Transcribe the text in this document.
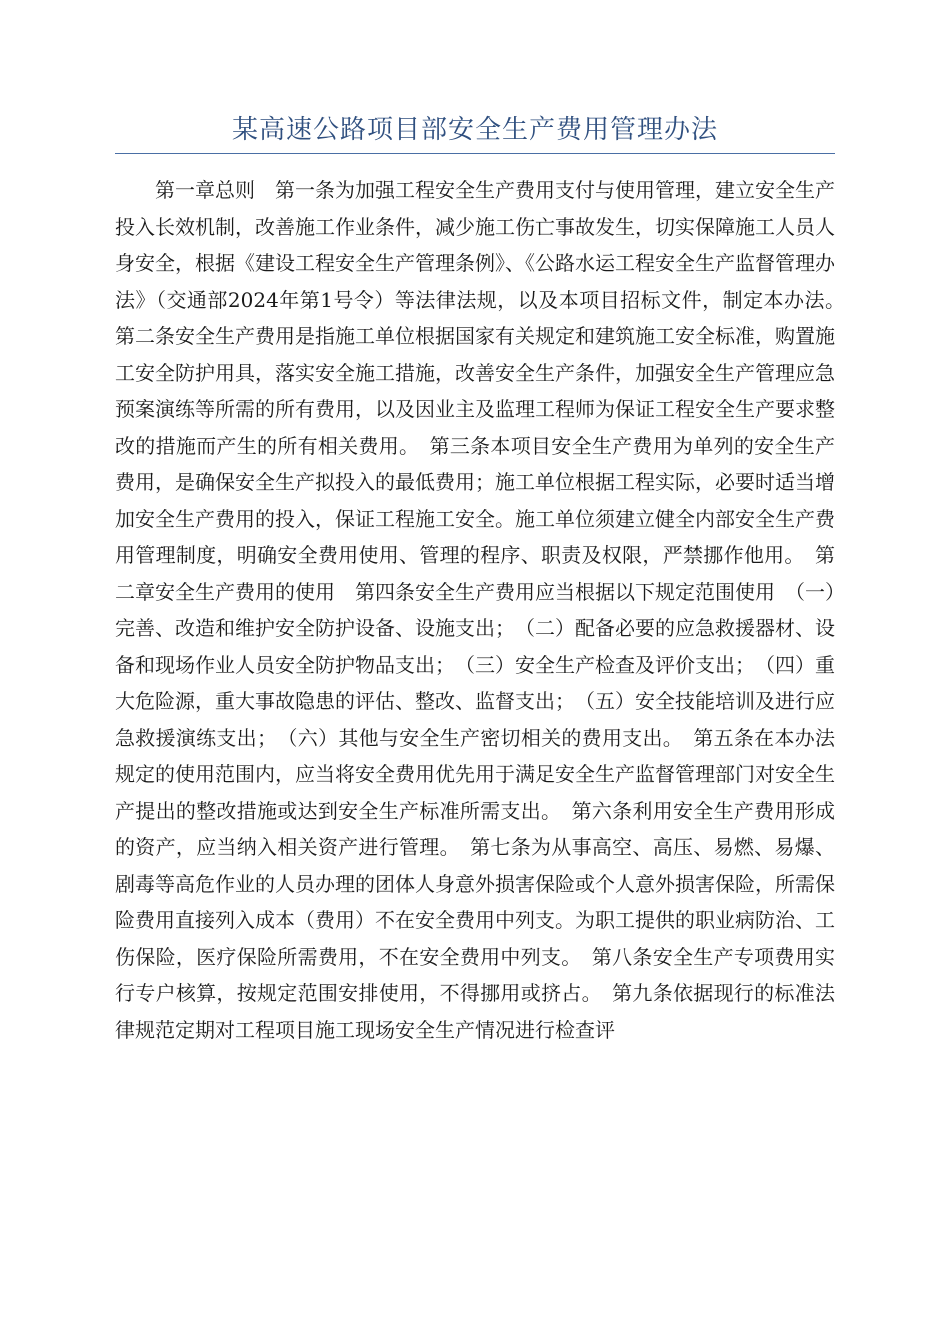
某高速公路项目部安全生产费用管理办法

第一章总则　第一条为加强工程安全生产费用支付与使用管理，建立安全生产投入长效机制，改善施工作业条件，减少施工伤亡事故发生，切实保障施工人员人身安全，根据《建设工程安全生产管理条例》、《公路水运工程安全生产监督管理办法》（交通部2024年第1号令）等法律法规，以及本项目招标文件，制定本办法。　第二条安全生产费用是指施工单位根据国家有关规定和建筑施工安全标准，购置施工安全防护用具，落实安全施工措施，改善安全生产条件，加强安全生产管理应急预案演练等所需的所有费用，以及因业主及监理工程师为保证工程安全生产要求整改的措施而产生的所有相关费用。　第三条本项目安全生产费用为单列的安全生产费用，是确保安全生产拟投入的最低费用；施工单位根据工程实际，必要时适当增加安全生产费用的投入，保证工程施工安全。施工单位须建立健全内部安全生产费用管理制度，明确安全费用使用、管理的程序、职责及权限，严禁挪作他用。　第二章安全生产费用的使用　第四条安全生产费用应当根据以下规定范围使用　（一）完善、改造和维护安全防护设备、设施支出；　（二）配备必要的应急救援器材、设备和现场作业人员安全防护物品支出；　（三）安全生产检查及评价支出；　（四）重大危险源，重大事故隐患的评估、整改、监督支出；　（五）安全技能培训及进行应急救援演练支出；　（六）其他与安全生产密切相关的费用支出。　第五条在本办法规定的使用范围内，应当将安全费用优先用于满足安全生产监督管理部门对安全生产提出的整改措施或达到安全生产标准所需支出。　第六条利用安全生产费用形成的资产，应当纳入相关资产进行管理。　第七条为从事高空、高压、易燃、易爆、剧毒等高危作业的人员办理的团体人身意外损害保险或个人意外损害保险，所需保险费用直接列入成本（费用）不在安全费用中列支。为职工提供的职业病防治、工伤保险，医疗保险所需费用，不在安全费用中列支。　第八条安全生产专项费用实行专户核算，按规定范围安排使用，不得挪用或挤占。　第九条依据现行的标准法律规范定期对工程项目施工现场安全生产情况进行检查评
